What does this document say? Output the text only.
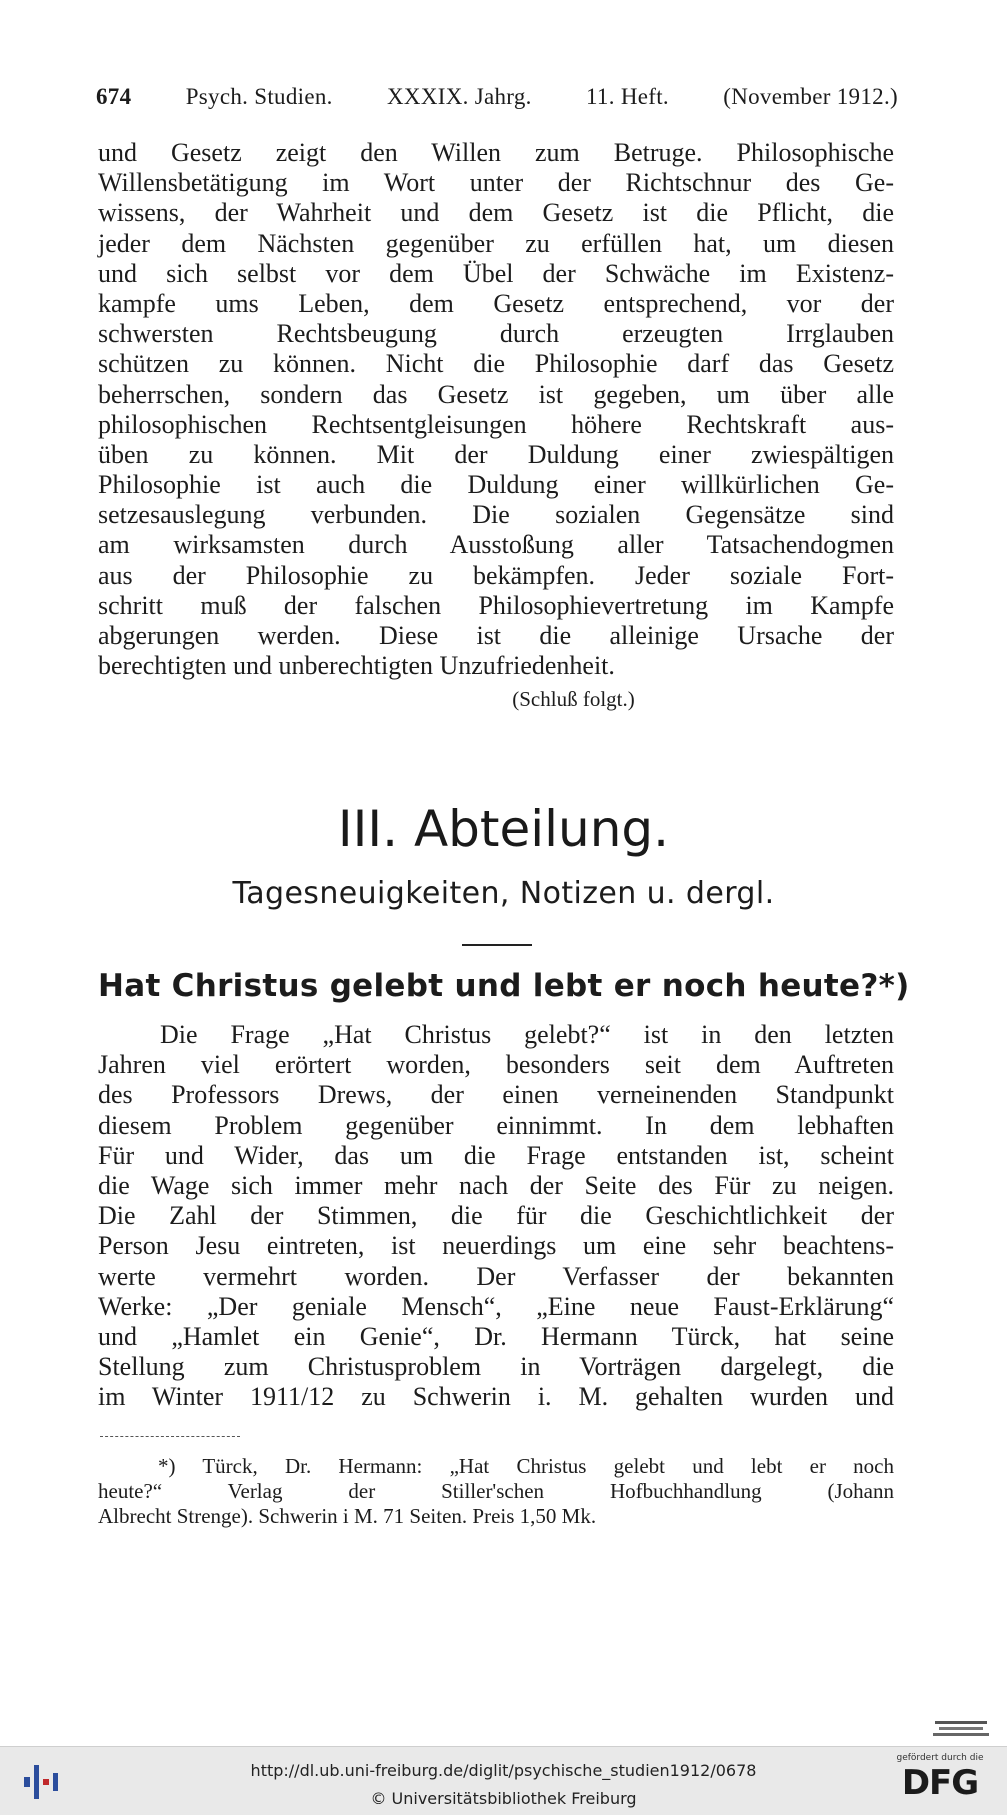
674 Psych. Studien. XXXIX. Jahrg. 11. Heft. (November 1912.)
und Gesetz zeigt den Willen zum Betruge. Philosophische
Willensbetätigung im Wort unter der Richtschnur des Ge-
wissens, der Wahrheit und dem Gesetz ist die Pflicht, die
jeder dem Nächsten gegenüber zu erfüllen hat, um diesen
und sich selbst vor dem Übel der Schwäche im Existenz-
kampfe ums Leben, dem Gesetz entsprechend, vor der
schwersten Rechtsbeugung durch erzeugten Irrglauben
schützen zu können. Nicht die Philosophie darf das Gesetz
beherrschen, sondern das Gesetz ist gegeben, um über alle
philosophischen Rechtsentgleisungen höhere Rechtskraft aus-
üben zu können. Mit der Duldung einer zwiespältigen
Philosophie ist auch die Duldung einer willkürlichen Ge-
setzesauslegung verbunden. Die sozialen Gegensätze sind
am wirksamsten durch Ausstoßung aller Tatsachendogmen
aus der Philosophie zu bekämpfen. Jeder soziale Fort-
schritt muß der falschen Philosophievertretung im Kampfe
abgerungen werden. Diese ist die alleinige Ursache der
berechtigten und unberechtigten Unzufriedenheit.
(Schluß folgt.)
III. Abteilung.
Tagesneuigkeiten, Notizen u. dergl.
Hat Christus gelebt und lebt er noch heute?*)
Die Frage „Hat Christus gelebt?“ ist in den letzten
Jahren viel erörtert worden, besonders seit dem Auftreten
des Professors Drews, der einen verneinenden Standpunkt
diesem Problem gegenüber einnimmt. In dem lebhaften
Für und Wider, das um die Frage entstanden ist, scheint
die Wage sich immer mehr nach der Seite des Für zu neigen.
Die Zahl der Stimmen, die für die Geschichtlichkeit der
Person Jesu eintreten, ist neuerdings um eine sehr beachtens-
werte vermehrt worden. Der Verfasser der bekannten
Werke: „Der geniale Mensch“, „Eine neue Faust-Erklärung“
und „Hamlet ein Genie“, Dr. Hermann Türck, hat seine
Stellung zum Christusproblem in Vorträgen dargelegt, die
im Winter 1911/12 zu Schwerin i. M. gehalten wurden und
*) Türck, Dr. Hermann: „Hat Christus gelebt und lebt er noch
heute?“ Verlag der Stiller'schen Hofbuchhandlung (Johann
Albrecht Strenge). Schwerin i M. 71 Seiten. Preis 1,50 Mk.
http://dl.ub.uni-freiburg.de/diglit/psychische_studien1912/0678
© Universitätsbibliothek Freiburg
gefördert durch die
DFG
